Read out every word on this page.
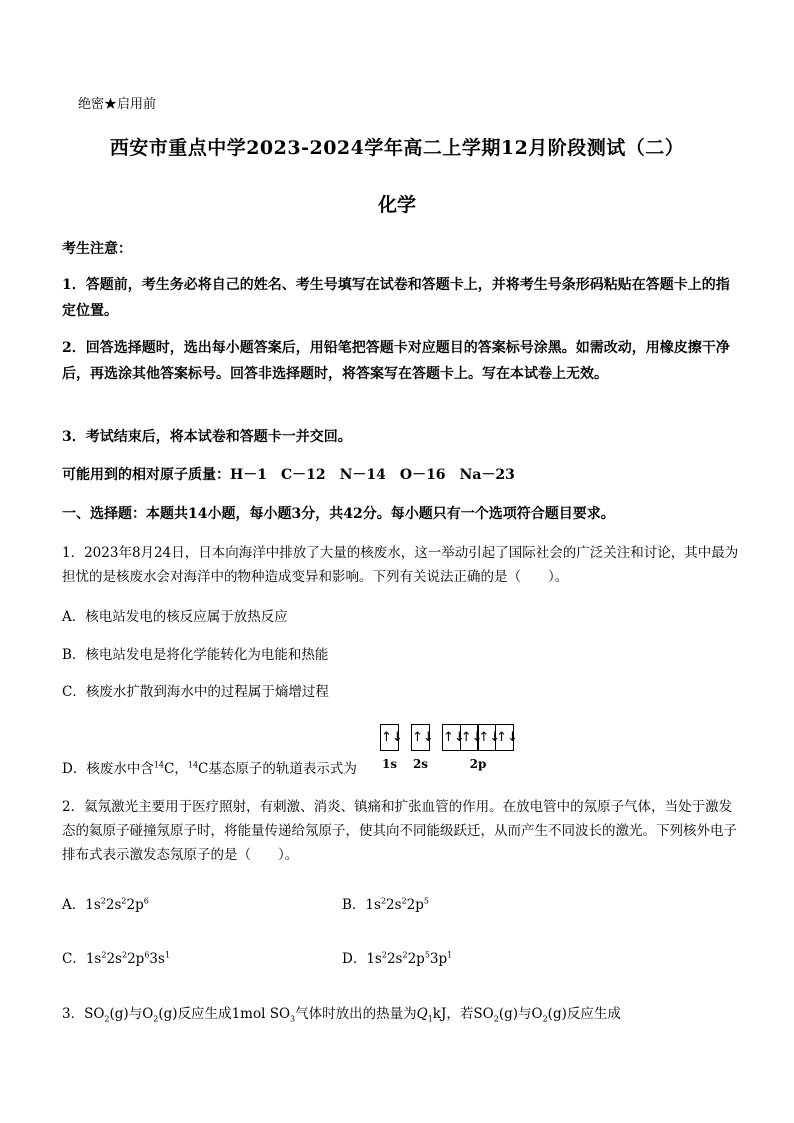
绝密★启用前
西安市重点中学2023-2024学年高二上学期12月阶段测试（二）
化学
考生注意：
1．答题前，考生务必将自己的姓名、考生号填写在试卷和答题卡上，并将考生号条形码粘贴在答题卡上的指定位置。
2．回答选择题时，选出每小题答案后，用铅笔把答题卡对应题目的答案标号涂黑。如需改动，用橡皮擦干净后，再选涂其他答案标号。回答非选择题时，将答案写在答题卡上。写在本试卷上无效。
3．考试结束后，将本试卷和答题卡一并交回。
可能用到的相对原子质量：H－1　C－12　N－14　O－16　Na－23
一、选择题：本题共14小题，每小题3分，共42分。每小题只有一个选项符合题目要求。
1．2023年8月24日，日本向海洋中排放了大量的核废水，这一举动引起了国际社会的广泛关注和讨论，其中最为担忧的是核废水会对海洋中的物种造成变异和影响。下列有关说法正确的是（　　）。
A．核电站发电的核反应属于放热反应
B．核电站发电是将化学能转化为电能和热能
C．核废水扩散到海水中的过程属于熵增过程
D．核废水中含$^{14}$C，$^{14}$C基态原子的轨道表示式为
↑↓
1s
↑↓
2s
↑↓
↑↓
↑↓
↑↓
2p
2．氦氖激光主要用于医疗照射，有刺激、消炎、镇痛和扩张血管的作用。在放电管中的氖原子气体，当处于激发态的氦原子碰撞氖原子时，将能量传递给氖原子，使其向不同能级跃迁，从而产生不同波长的激光。下列核外电子排布式表示激发态氖原子的是（　　）。
A．$1s^22s^22p^6$	B．$1s^22s^22p^5$
C．$1s^22s^22p^63s^1$	D．$1s^22s^22p^53p^1$
3．$SO_2(g)$与$O_2(g)$反应生成1mol $SO_3$气体时放出的热量为$Q_1kJ$，若$SO_2(g)$与$O_2(g)$反应生成
